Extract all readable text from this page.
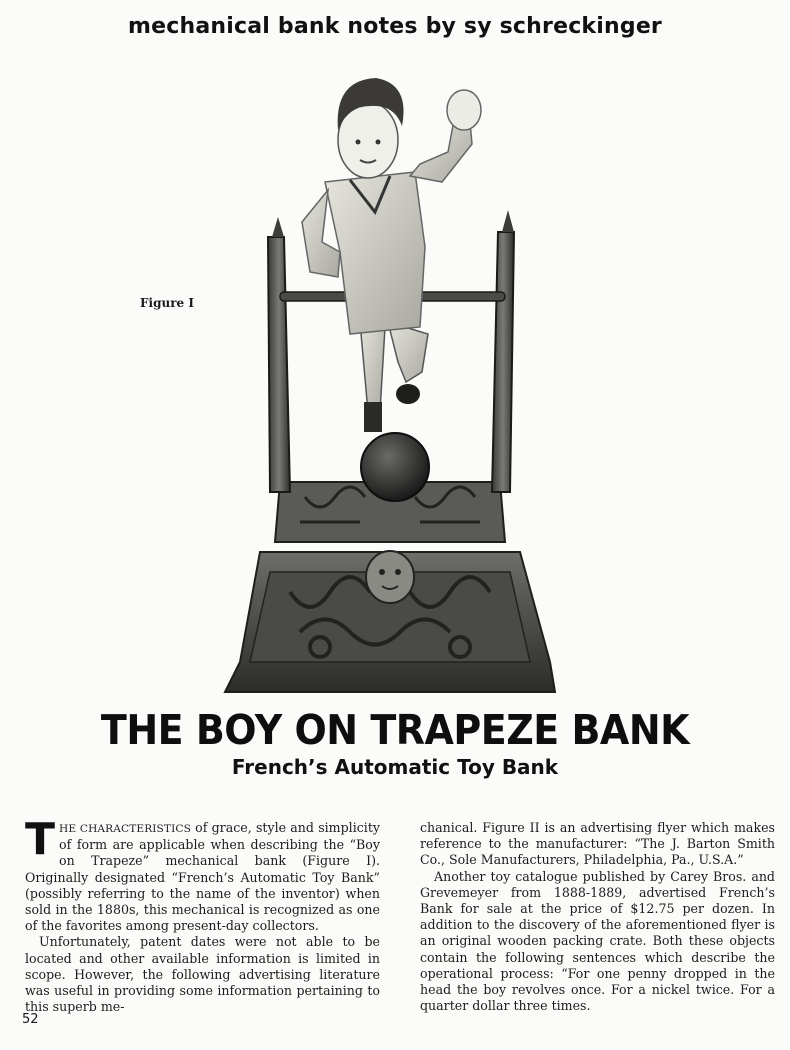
mechanical bank notes by sy schreckinger
Figure I
THE BOY ON TRAPEZE BANK
French’s Automatic Toy Bank

THE CHARACTERISTICS of grace, style and simplicity of form are applicable when describing the “Boy on Trapeze” mechanical bank (Figure I). Originally designated “French’s Automatic Toy Bank” (possibly referring to the name of the inventor) when sold in the 1880s, this mechanical is recognized as one of the favorites among present-day collectors.

Unfortunately, patent dates were not able to be located and other available information is limited in scope. However, the following advertising literature was useful in providing some information pertaining to this superb me-

chanical. Figure II is an advertising flyer which makes reference to the manufacturer: “The J. Barton Smith Co., Sole Manufacturers, Philadelphia, Pa., U.S.A.”

Another toy catalogue published by Carey Bros. and Grevemeyer from 1888-1889, advertised French’s Bank for sale at the price of $12.75 per dozen. In addition to the discovery of the aforementioned flyer is an original wooden packing crate. Both these objects contain the following sentences which describe the operational process: “For one penny dropped in the head the boy revolves once. For a nickel twice. For a quarter dollar three times.

52
